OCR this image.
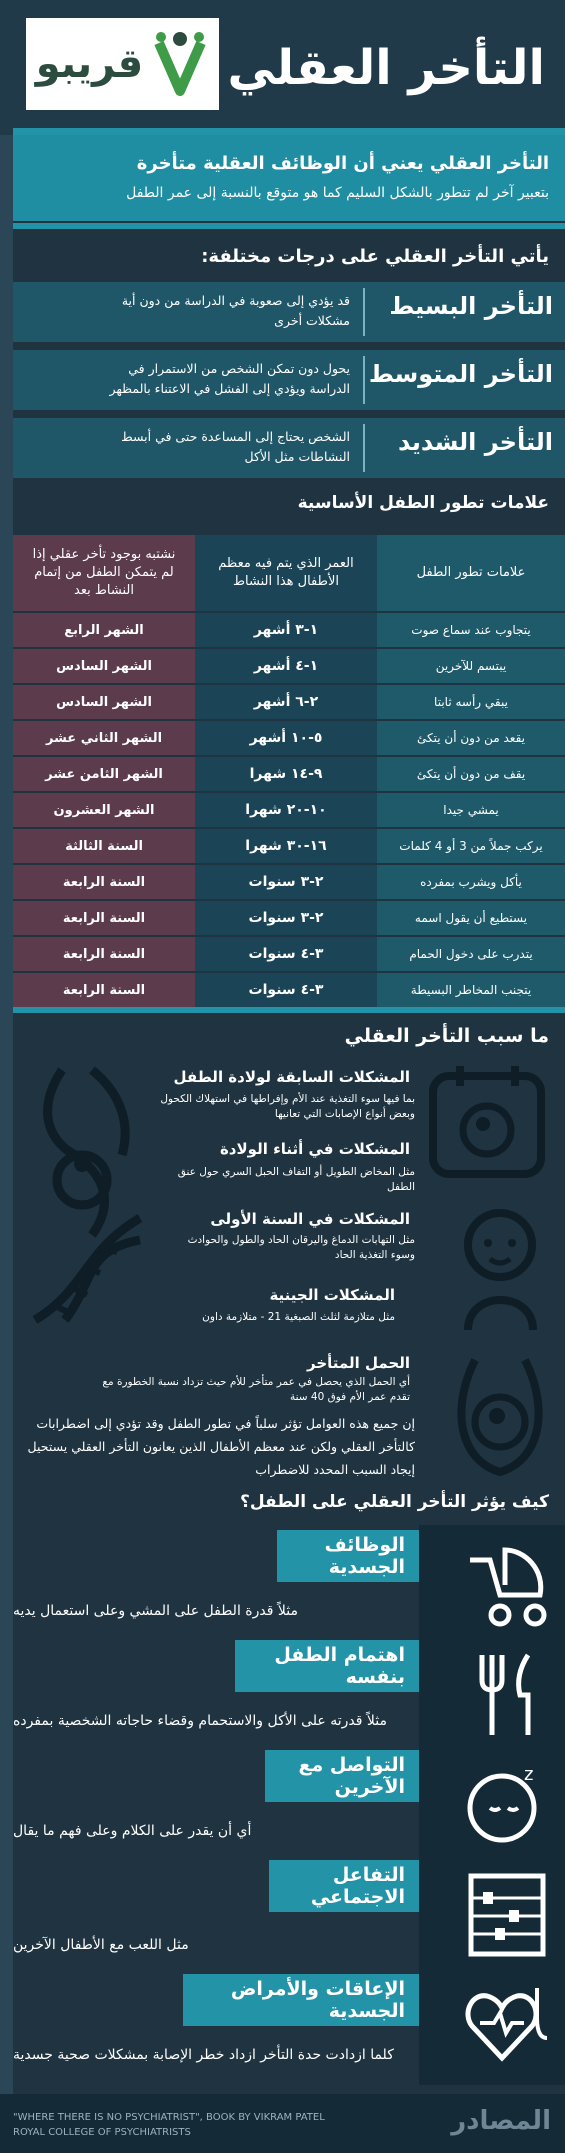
قريبو التأخر العقلي
التأخر العقلي يعني أن الوظائف العقلية متأخرة
بتعبير آخر لم تتطور بالشكل السليم كما هو متوقع بالنسبة إلى عمر الطفل
يأتي التأخر العقلي على درجات مختلفة:
التأخر البسيط
قد يؤدي إلى صعوبة في الدراسة من دون أية مشكلات أخرى
التأخر المتوسط
يحول دون تمكن الشخص من الاستمرار في الدراسة ويؤدي إلى الفشل في الاعتناء بالمظهر
التأخر الشديد
الشخص يحتاج إلى المساعدة حتى في أبسط النشاطات مثل الأكل
علامات تطور الطفل الأساسية
علامات تطور الطفل
العمر الذي يتم فيه معظم الأطفال هذا النشاط
نشتبه بوجود تأخر عقلي إذا لم يتمكن الطفل من إتمام النشاط بعد
يتجاوب عند سماع صوت
١-٣ أشهر
الشهر الرابع
يبتسم للآخرين
١-٤ أشهر
الشهر السادس
يبقي رأسه ثابتا
٢-٦ أشهر
الشهر السادس
يقعد من دون أن يتكئ
٥-١٠ أشهر
الشهر الثاني عشر
يقف من دون أن يتكئ
٩-١٤ شهرا
الشهر الثامن عشر
يمشي جيدا
١٠-٢٠ شهرا
الشهر العشرون
يركب جملاً من 3 أو 4 كلمات
١٦-٣٠ شهرا
السنة الثالثة
يأكل ويشرب بمفرده
٢-٣ سنوات
السنة الرابعة
يستطيع أن يقول اسمه
٢-٣ سنوات
السنة الرابعة
يتدرب على دخول الحمام
٣-٤ سنوات
السنة الرابعة
يتجنب المخاطر البسيطة
٣-٤ سنوات
السنة الرابعة
ما سبب التأخر العقلي
المشكلات السابقة لولادة الطفل
بما فيها سوء التغذية عند الأم وإفراطها في استهلاك الكحول وبعض أنواع الإصابات التي تعانيها
المشكلات في أثناء الولادة
مثل المخاض الطويل أو التفاف الحبل السري حول عنق الطفل
المشكلات في السنة الأولى
مثل التهابات الدماغ واليرقان الحاد والطول والحوادث وسوء التغذية الحاد
المشكلات الجينية
مثل متلازمة لثلث الصبغية 21 - متلازمة داون
الحمل المتأخر
أي الحمل الذي يحصل في عمر متأخر للأم حيث تزداد نسبة الخطورة مع تقدم عمر الأم فوق 40 سنة
إن جميع هذه العوامل تؤثر سلباً في تطور الطفل وقد تؤدي إلى اضطرابات كالتأخر العقلي ولكن عند معظم الأطفال الذين يعانون التأخر العقلي يستحيل إيجاد السبب المحدد للاضطراب
كيف يؤثر التأخر العقلي على الطفل؟
الوظائف الجسدية
مثلاً قدرة الطفل على المشي وعلى استعمال يديه
اهتمام الطفل بنفسه
مثلاً قدرته على الأكل والاستحمام وقضاء حاجاته الشخصية بمفرده
التواصل مع الآخرين
أي أن يقدر على الكلام وعلى فهم ما يقال
التفاعل الاجتماعي
مثل اللعب مع الأطفال الآخرين
الإعاقات والأمراض الجسدية
كلما ازدادت حدة التأخر ازداد خطر الإصابة بمشكلات صحية جسدية
z
"WHERE THERE IS NO PSYCHIATRIST", BOOK BY VIKRAM PATEL
ROYAL COLLEGE OF PSYCHIATRISTS	المصادر
